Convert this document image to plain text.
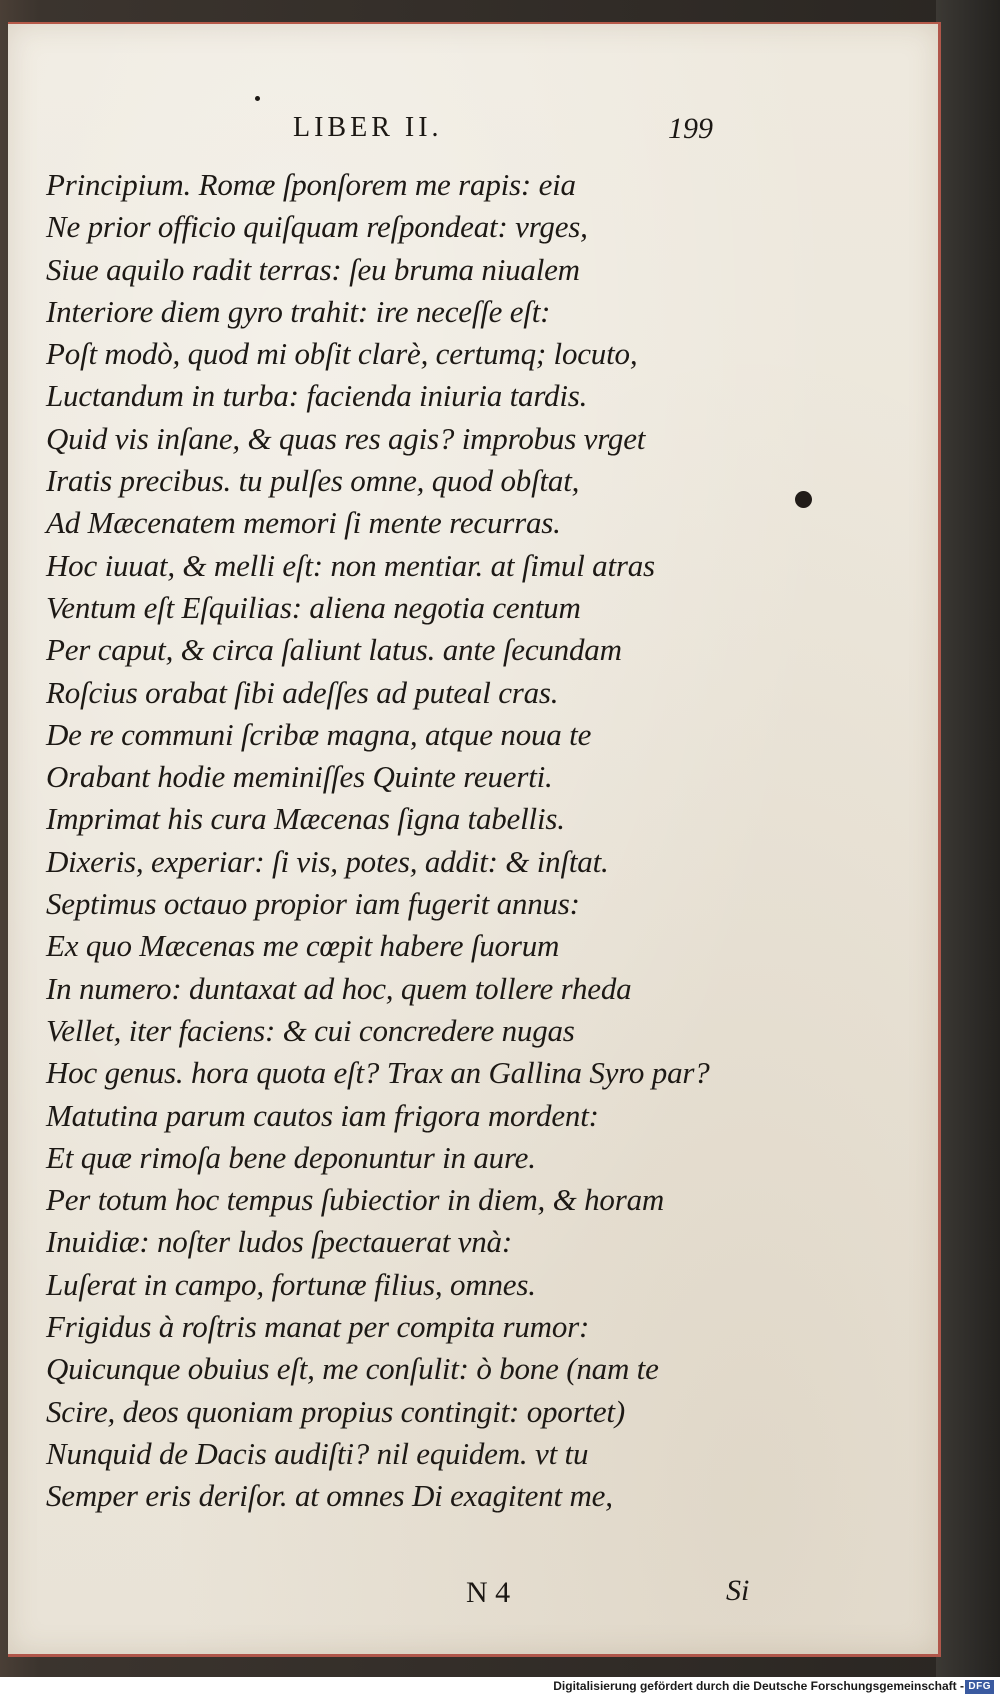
LIBER II.	199
Principium. Romæ ſponſorem me rapis: eia
Ne prior officio quiſquam reſpondeat: vrges,
Siue aquilo radit terras: ſeu bruma niualem
Interiore diem gyro trahit: ire neceſſe eſt:
Poſt modò, quod mi obſit clarè, certumq; locuto,
Luctandum in turba: facienda iniuria tardis.
Quid vis inſane, & quas res agis? improbus vrget
Iratis precibus. tu pulſes omne, quod obſtat,
Ad Mæcenatem memori ſi mente recurras.
Hoc iuuat, & melli eſt: non mentiar. at ſimul atras
Ventum eſt Eſquilias: aliena negotia centum
Per caput, & circa ſaliunt latus. ante ſecundam
Roſcius orabat ſibi adeſſes ad puteal cras.
De re communi ſcribæ magna, atque noua te
Orabant hodie meminiſſes Quinte reuerti.
Imprimat his cura Mæcenas ſigna tabellis.
Dixeris, experiar: ſi vis, potes, addit: & inſtat.
Septimus octauo propior iam fugerit annus:
Ex quo Mæcenas me cœpit habere ſuorum
In numero: duntaxat ad hoc, quem tollere rheda
Vellet, iter faciens: & cui concredere nugas
Hoc genus. hora quota eſt? Trax an Gallina Syro par?
Matutina parum cautos iam frigora mordent:
Et quæ rimoſa bene deponuntur in aure.
Per totum hoc tempus ſubiectior in diem, & horam
Inuidiæ: noſter ludos ſpectauerat vnà:
Luſerat in campo, fortunæ filius, omnes.
Frigidus à roſtris manat per compita rumor:
Quicunque obuius eſt, me conſulit: ò bone (nam te
Scire, deos quoniam propius contingit: oportet)
Nunquid de Dacis audiſti? nil equidem. vt tu
Semper eris deriſor. at omnes Di exagitent me,
N 4	Si
Digitalisierung gefördert durch die Deutsche Forschungsgemeinschaft - DFG
